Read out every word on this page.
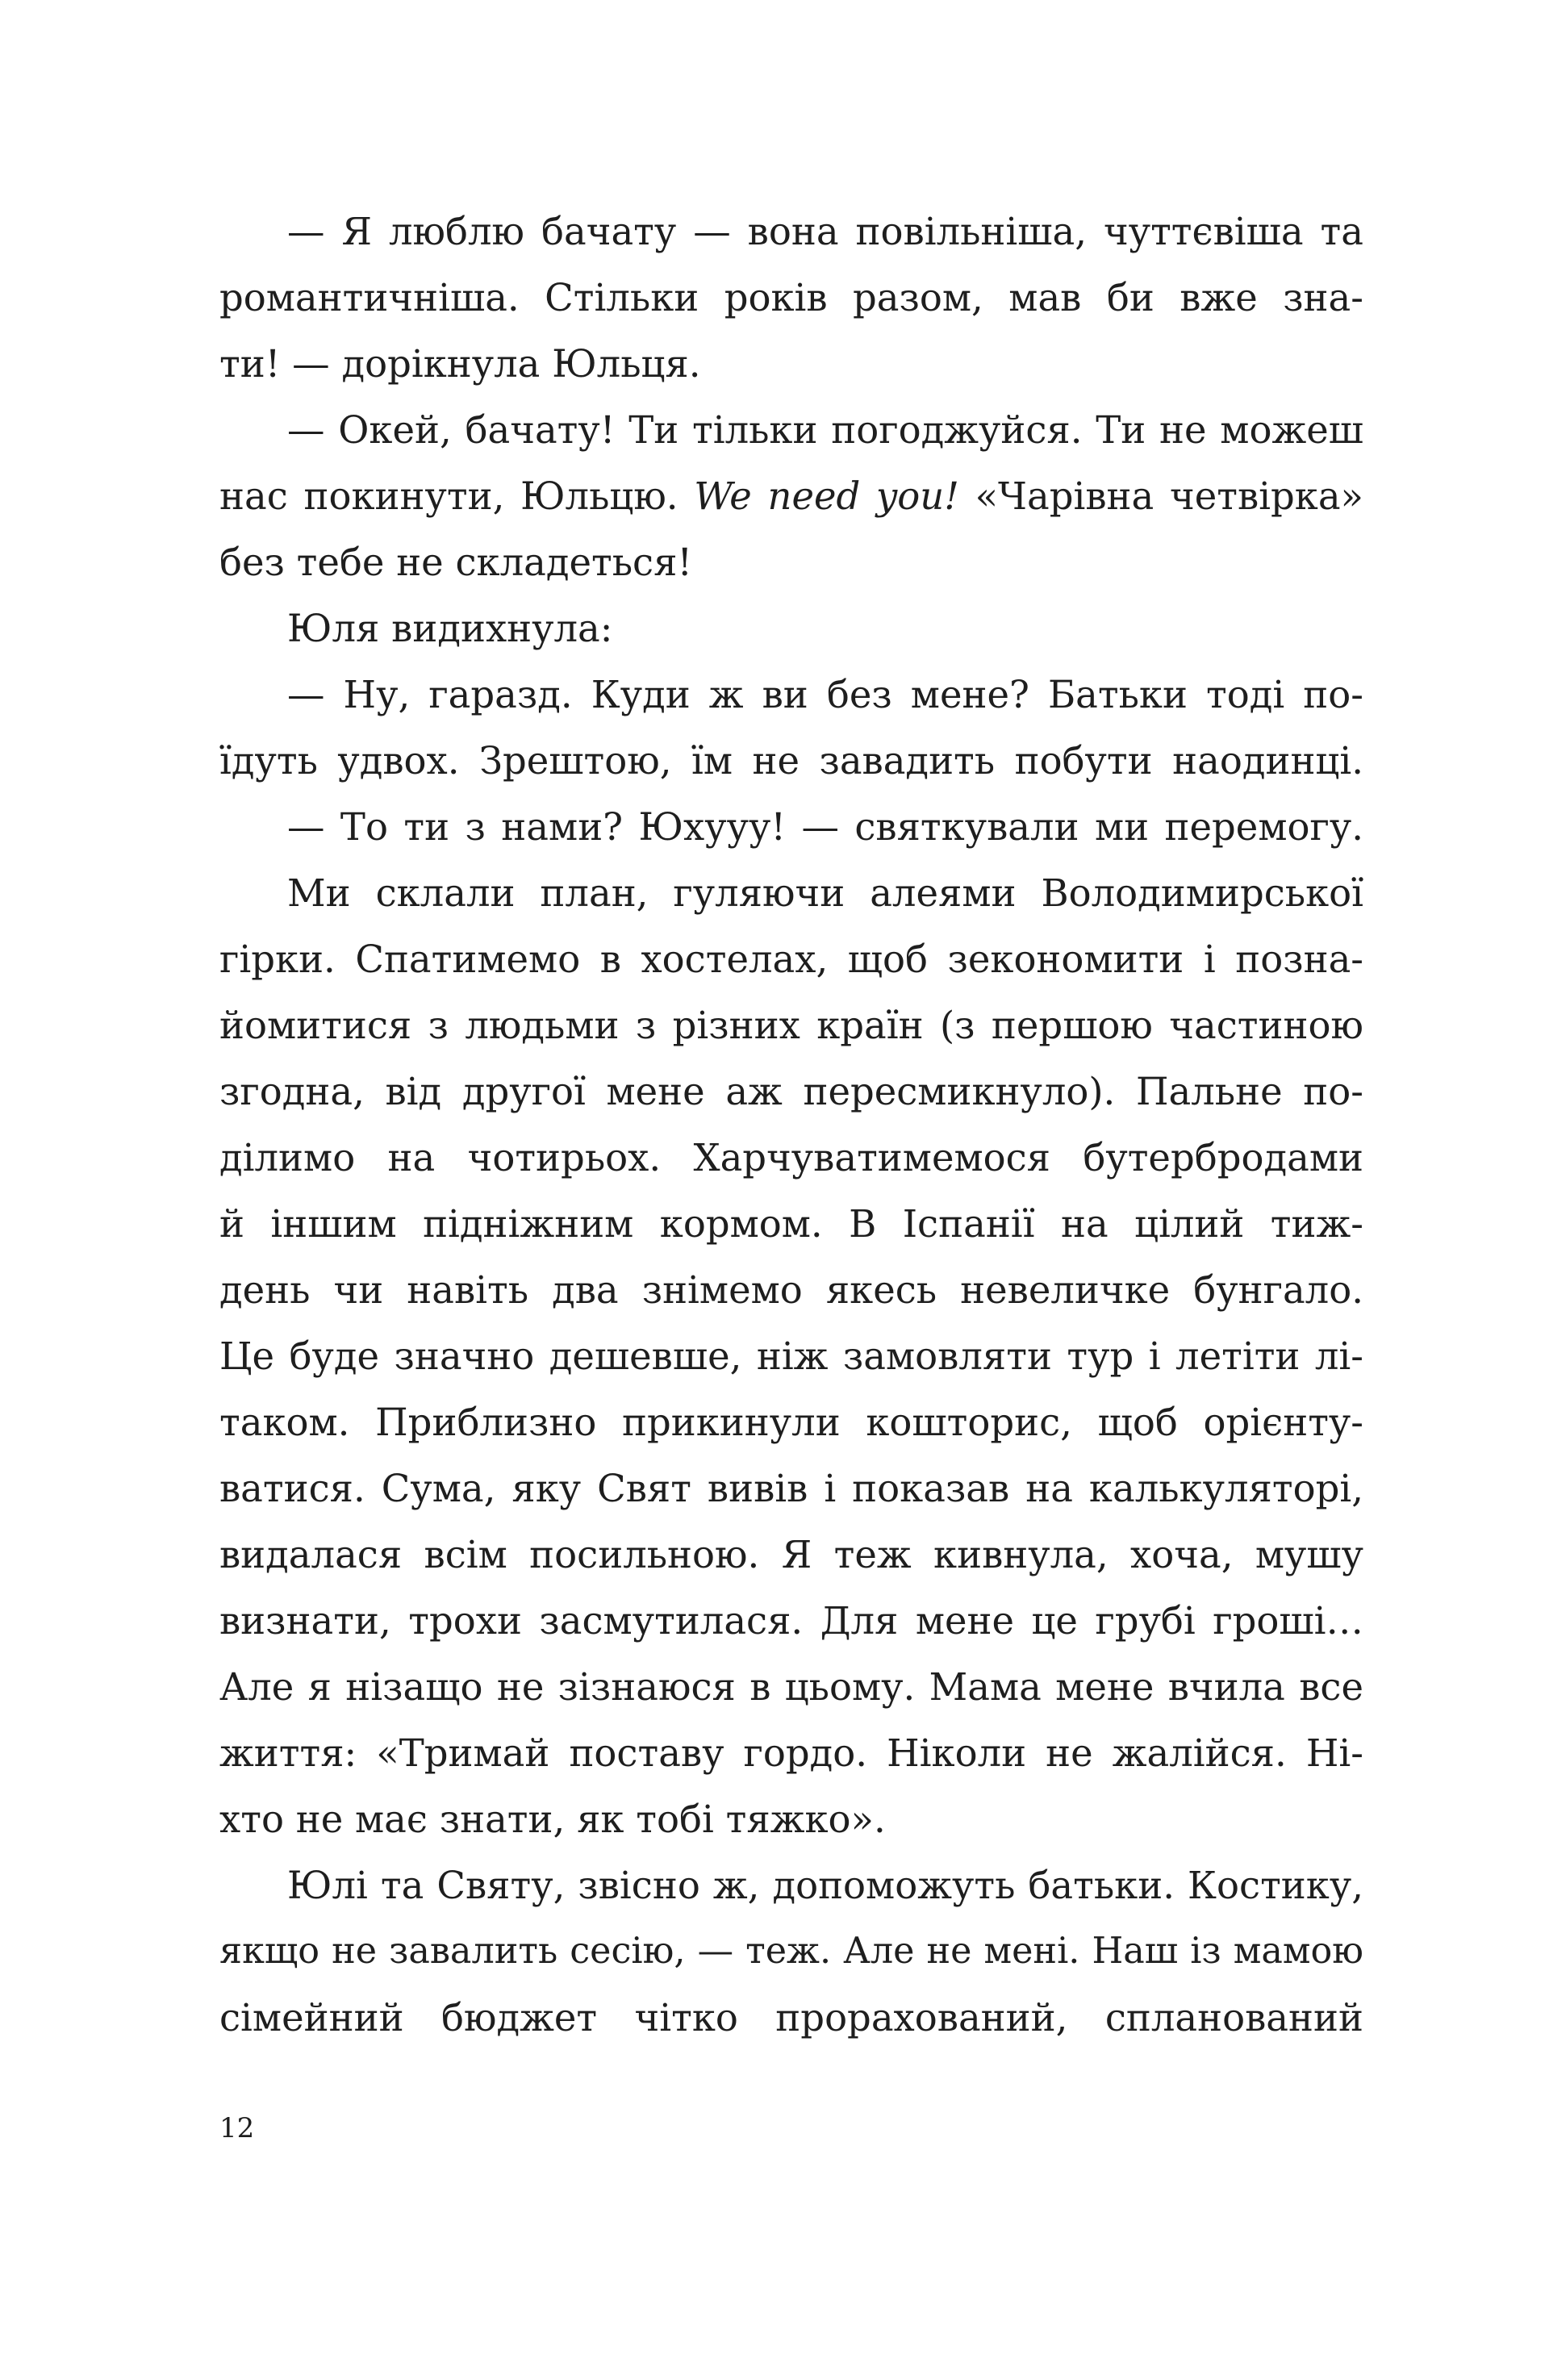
— Я люблю бачату — вона повільніша, чуттєвіша та
романтичніша. Стільки років разом, мав би вже зна-
ти! — дорікнула Юльця.
— Окей, бачату! Ти тільки погоджуйся. Ти не можеш
нас покинути, Юльцю. We need you! «Чарівна четвірка»
без тебе не складеться!
Юля видихнула:
— Ну, гаразд. Куди ж ви без мене? Батьки тоді по-
їдуть удвох. Зрештою, їм не завадить побути наодинці.
— То ти з нами? Юхууу! — святкували ми перемогу.
Ми склали план, гуляючи алеями Володимирської
гірки. Спатимемо в хостелах, щоб зекономити і позна-
йомитися з людьми з різних країн (з першою частиною
згодна, від другої мене аж пересмикнуло). Пальне по-
ділимо на чотирьох. Харчуватимемося бутербродами
й іншим підніжним кормом. В Іспанії на цілий тиж-
день чи навіть два знімемо якесь невеличке бунгало.
Це буде значно дешевше, ніж замовляти тур і летіти лі-
таком. Приблизно прикинули кошторис, щоб орієнту-
ватися. Сума, яку Свят вивів і показав на калькуляторі,
видалася всім посильною. Я теж кивнула, хоча, мушу
визнати, трохи засмутилася. Для мене це грубі гроші…
Але я нізащо не зізнаюся в цьому. Мама мене вчила все
життя: «Тримай поставу гордо. Ніколи не жалійся. Ні-
хто не має знати, як тобі тяжко».
Юлі та Святу, звісно ж, допоможуть батьки. Костику,
якщо не завалить сесію, — теж. Але не мені. Наш із мамою
сімейний бюджет чітко прорахований, спланований
12
